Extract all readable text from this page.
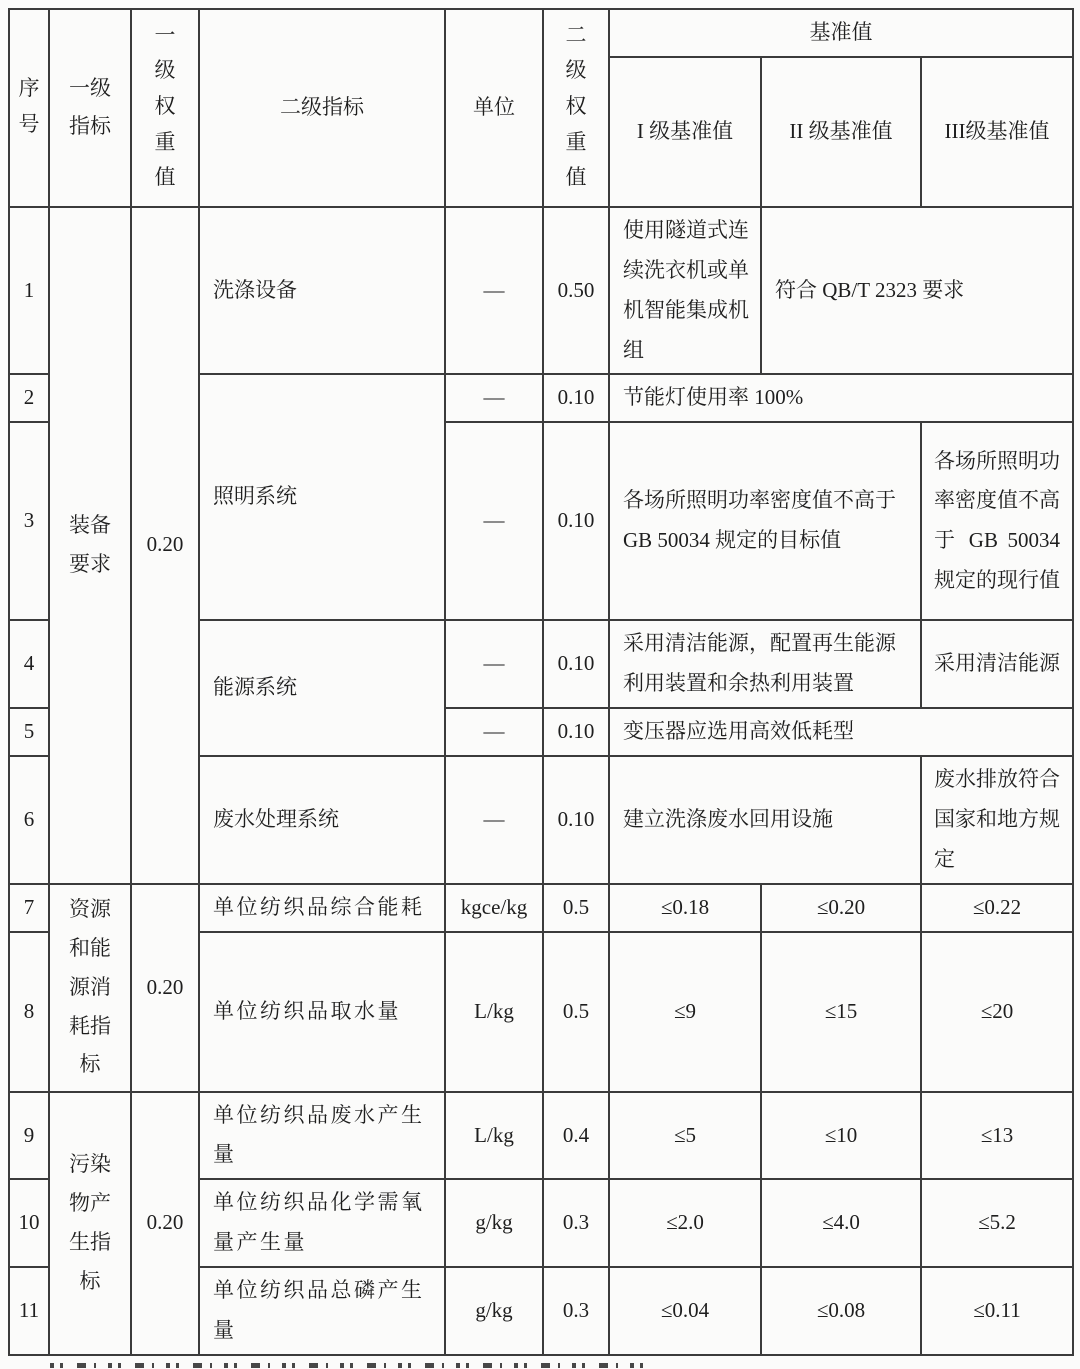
序号	一级指标	一级权重值	二级指标	单位	二级权重值	基准值		
						I 级基准值	II 级基准值	III级基准值
1	装备要求	0.20	洗涤设备	—	0.50	使用隧道式连续洗衣机或单机智能集成机组	符合 QB/T 2323 要求	
2			照明系统	—	0.10	节能灯使用率 100%		
3				—	0.10	各场所照明功率密度值不高于 GB 50034 规定的目标值		各场所照明功率密度值不高于 GB 50034 规定的现行值
4			能源系统	—	0.10	采用清洁能源，配置再生能源利用装置和余热利用装置		采用清洁能源
5				—	0.10	变压器应选用高效低耗型		
6			废水处理系统	—	0.10	建立洗涤废水回用设施		废水排放符合国家和地方规定
7	资源和能源消耗指标	0.20	单位纺织品综合能耗	kgce/kg	0.5	≤0.18	≤0.20	≤0.22
8			单位纺织品取水量	L/kg	0.5	≤9	≤15	≤20
9	污染物产生指标	0.20	单位纺织品废水产生量	L/kg	0.4	≤5	≤10	≤13
10			单位纺织品化学需氧量产生量	g/kg	0.3	≤2.0	≤4.0	≤5.2
11			单位纺织品总磷产生量	g/kg	0.3	≤0.04	≤0.08	≤0.11
